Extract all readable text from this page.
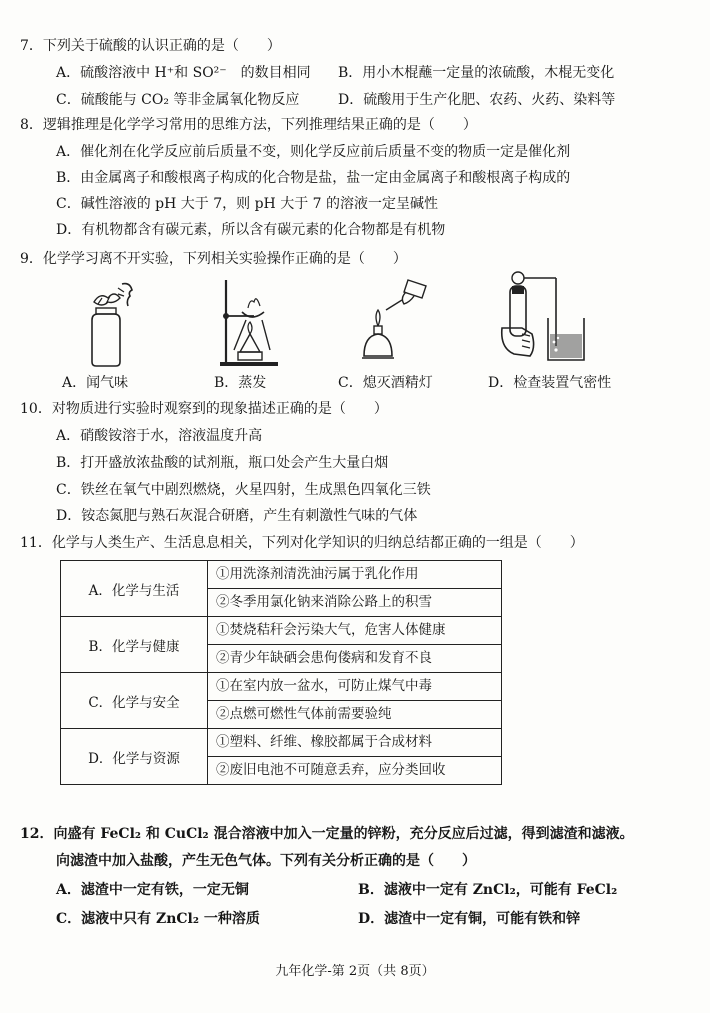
7．下列关于硫酸的认识正确的是（　　）
A．硫酸溶液中 H⁺和 SO²⁻　的数目相同 B．用小木棍蘸一定量的浓硫酸，木棍无变化
C．硫酸能与 CO₂ 等非金属氧化物反应	D．硫酸用于生产化肥、农药、火药、染料等
8．逻辑推理是化学学习常用的思维方法，下列推理结果正确的是（　　）
A．催化剂在化学反应前后质量不变，则化学反应前后质量不变的物质一定是催化剂
B．由金属离子和酸根离子构成的化合物是盐，盐一定由金属离子和酸根离子构成的
C．碱性溶液的 pH 大于 7，则 pH 大于 7 的溶液一定呈碱性
D．有机物都含有碳元素，所以含有碳元素的化合物都是有机物
9．化学学习离不开实验，下列相关实验操作正确的是（　　）
A．闻气味	B．蒸发	C．熄灭酒精灯	D．检查装置气密性
10．对物质进行实验时观察到的现象描述正确的是（　　）
A．硝酸铵溶于水，溶液温度升高
B．打开盛放浓盐酸的试剂瓶，瓶口处会产生大量白烟
C．铁丝在氧气中剧烈燃烧，火星四射，生成黑色四氧化三铁
D．铵态氮肥与熟石灰混合研磨，产生有刺激性气味的气体
11．化学与人类生产、生活息息相关，下列对化学知识的归纳总结都正确的一组是（　　）
A．化学与生活	①用洗涤剂清洗油污属于乳化作用
②冬季用氯化钠来消除公路上的积雪

B．化学与健康	①焚烧秸秆会污染大气，危害人体健康
②青少年缺硒会患佝偻病和发育不良

C．化学与安全	①在室内放一盆水，可防止煤气中毒
②点燃可燃性气体前需要验纯

D．化学与资源	①塑料、纤维、橡胶都属于合成材料
②废旧电池不可随意丢弃，应分类回收
12．向盛有 FeCl₂ 和 CuCl₂ 混合溶液中加入一定量的锌粉，充分反应后过滤，得到滤渣和滤液。
向滤渣中加入盐酸，产生无色气体。下列有关分析正确的是（　　）
A．滤渣中一定有铁，一定无铜	B．滤液中一定有 ZnCl₂，可能有 FeCl₂
C．滤液中只有 ZnCl₂ 一种溶质	D．滤渣中一定有铜，可能有铁和锌
九年化学-第 2页（共 8页）
